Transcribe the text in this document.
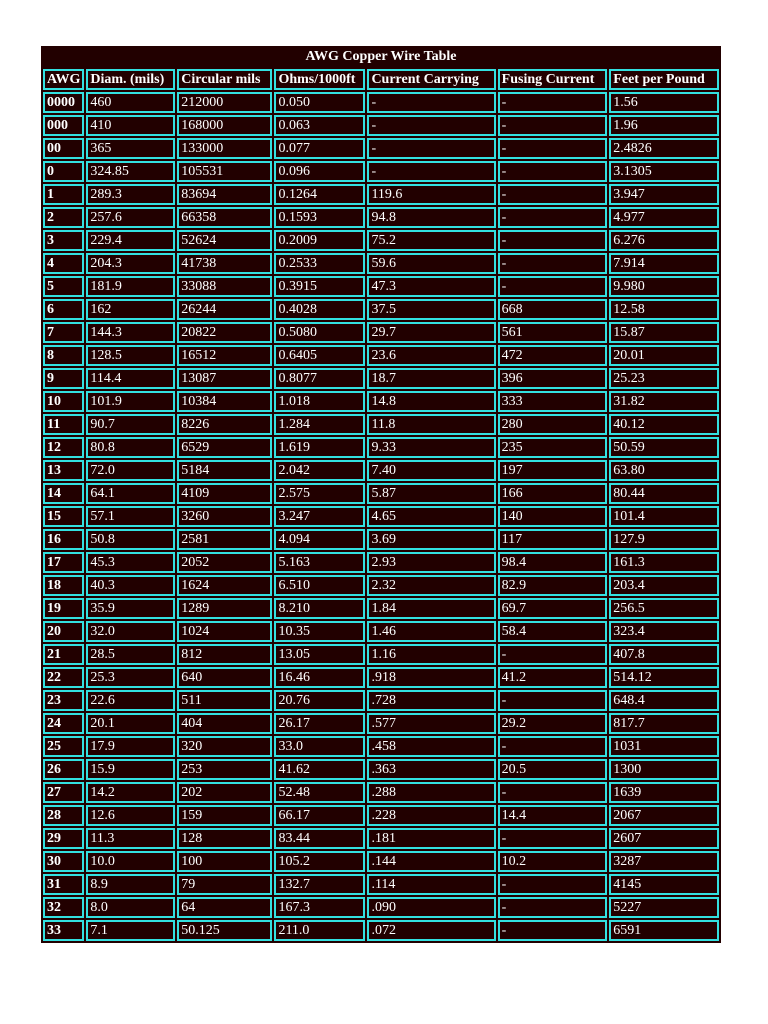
AWG Copper Wire Table
AWG	Diam. (mils)	Circular mils	Ohms/1000ft	Current Carrying	Fusing Current	Feet per Pound
0000	460	212000	0.050	-	-	1.56
000	410	168000	0.063	-	-	1.96
00	365	133000	0.077	-	-	2.4826
0	324.85	105531	0.096	-	-	3.1305
1	289.3	83694	0.1264	119.6	-	3.947
2	257.6	66358	0.1593	94.8	-	4.977
3	229.4	52624	0.2009	75.2	-	6.276
4	204.3	41738	0.2533	59.6	-	7.914
5	181.9	33088	0.3915	47.3	-	9.980
6	162	26244	0.4028	37.5	668	12.58
7	144.3	20822	0.5080	29.7	561	15.87
8	128.5	16512	0.6405	23.6	472	20.01
9	114.4	13087	0.8077	18.7	396	25.23
10	101.9	10384	1.018	14.8	333	31.82
11	90.7	8226	1.284	11.8	280	40.12
12	80.8	6529	1.619	9.33	235	50.59
13	72.0	5184	2.042	7.40	197	63.80
14	64.1	4109	2.575	5.87	166	80.44
15	57.1	3260	3.247	4.65	140	101.4
16	50.8	2581	4.094	3.69	117	127.9
17	45.3	2052	5.163	2.93	98.4	161.3
18	40.3	1624	6.510	2.32	82.9	203.4
19	35.9	1289	8.210	1.84	69.7	256.5
20	32.0	1024	10.35	1.46	58.4	323.4
21	28.5	812	13.05	1.16	-	407.8
22	25.3	640	16.46	.918	41.2	514.12
23	22.6	511	20.76	.728	-	648.4
24	20.1	404	26.17	.577	29.2	817.7
25	17.9	320	33.0	.458	-	1031
26	15.9	253	41.62	.363	20.5	1300
27	14.2	202	52.48	.288	-	1639
28	12.6	159	66.17	.228	14.4	2067
29	11.3	128	83.44	.181	-	2607
30	10.0	100	105.2	.144	10.2	3287
31	8.9	79	132.7	.114	-	4145
32	8.0	64	167.3	.090	-	5227
33	7.1	50.125	211.0	.072	-	6591
